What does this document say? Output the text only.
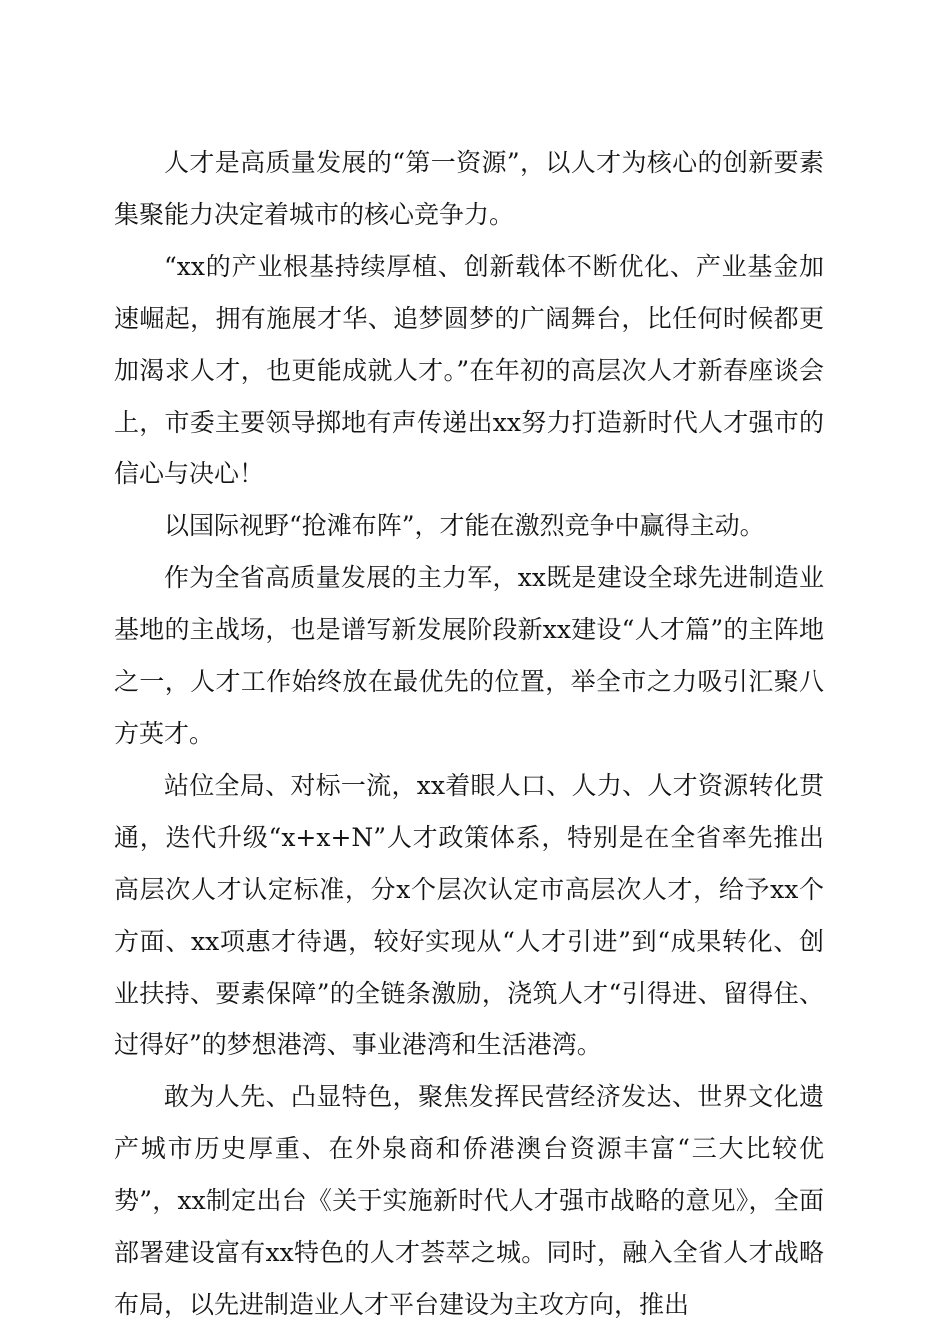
人才是高质量发展的“第一资源”，以人才为核心的创新要素集聚能力决定着城市的核心竞争力。

“xx的产业根基持续厚植、创新载体不断优化、产业基金加速崛起，拥有施展才华、追梦圆梦的广阔舞台，比任何时候都更加渴求人才，也更能成就人才。”在年初的高层次人才新春座谈会上，市委主要领导掷地有声传递出xx努力打造新时代人才强市的信心与决心！

以国际视野“抢滩布阵”，才能在激烈竞争中赢得主动。

作为全省高质量发展的主力军，xx既是建设全球先进制造业基地的主战场，也是谱写新发展阶段新xx建设“人才篇”的主阵地之一，人才工作始终放在最优先的位置，举全市之力吸引汇聚八方英才。

站位全局、对标一流，xx着眼人口、人力、人才资源转化贯通，迭代升级“x+x+N”人才政策体系，特别是在全省率先推出高层次人才认定标准，分x个层次认定市高层次人才，给予xx个方面、xx项惠才待遇，较好实现从“人才引进”到“成果转化、创业扶持、要素保障”的全链条激励，浇筑人才“引得进、留得住、过得好”的梦想港湾、事业港湾和生活港湾。

敢为人先、凸显特色，聚焦发挥民营经济发达、世界文化遗产城市历史厚重、在外泉商和侨港澳台资源丰富“三大比较优势”，xx制定出台《关于实施新时代人才强市战略的意见》，全面部署建设富有xx特色的人才荟萃之城。同时，融入全省人才战略布局，以先进制造业人才平台建设为主攻方向，推出
